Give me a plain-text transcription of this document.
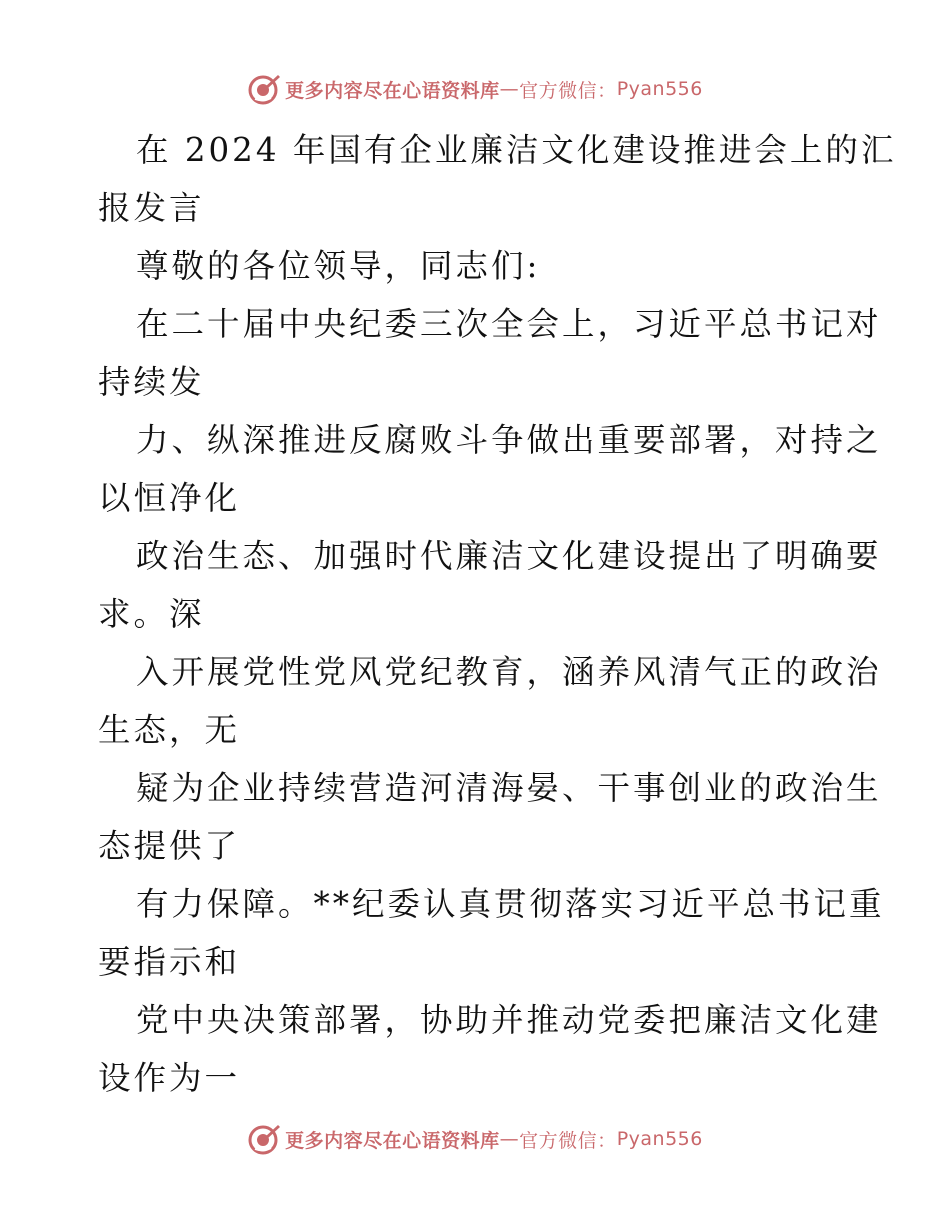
更多内容尽在心语资料库 — 官方微信： Pyan556
在 2024 年国有企业廉洁文化建设推进会上的汇
报发言
尊敬的各位领导，同志们:
在二十届中央纪委三次全会上，习近平总书记对
持续发
力、纵深推进反腐败斗争做出重要部署，对持之
以恒净化
政治生态、加强时代廉洁文化建设提出了明确要
求。深
入开展党性党风党纪教育，涵养风清气正的政治
生态，无
疑为企业持续营造河清海晏、干事创业的政治生
态提供了
有力保障。**纪委认真贯彻落实习近平总书记重
要指示和
党中央决策部署，协助并推动党委把廉洁文化建
设作为一
更多内容尽在心语资料库 — 官方微信： Pyan556
